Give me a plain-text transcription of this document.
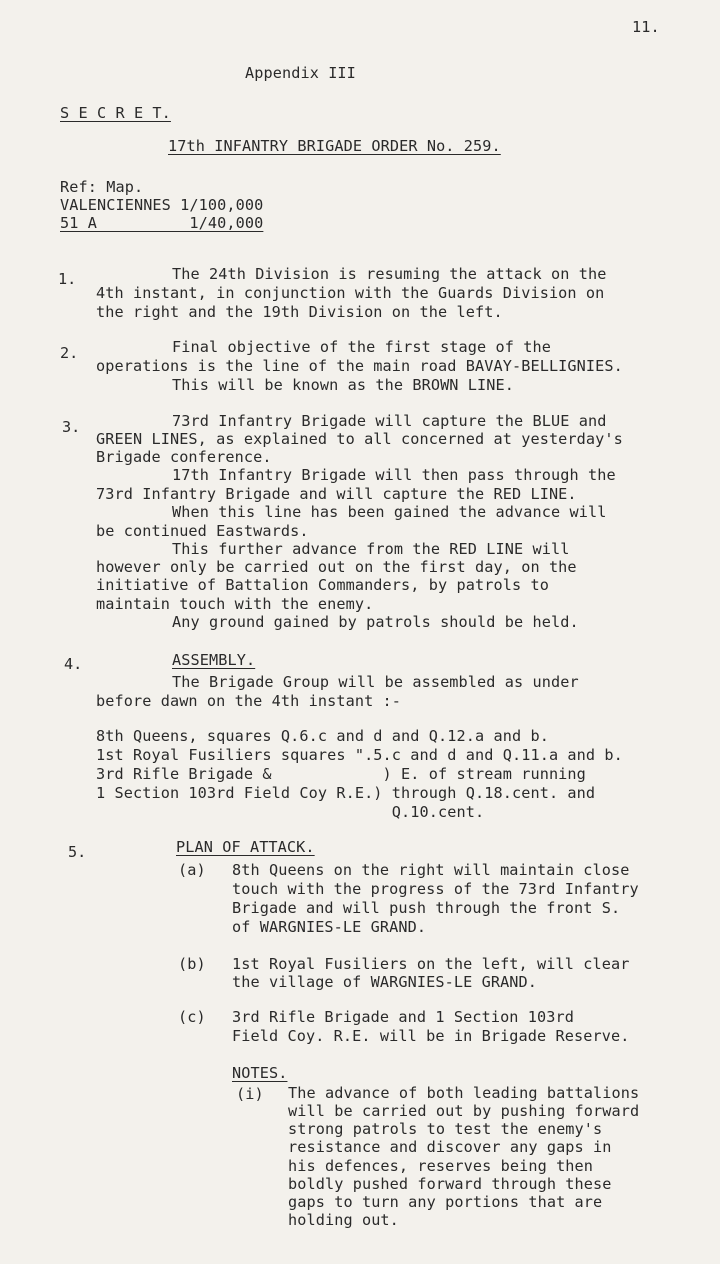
11.
Appendix III
S E C R E T.
17th INFANTRY BRIGADE ORDER No. 259.
Ref: Map.
VALENCIENNES 1/100,000
51 A          1/40,000
1.	The 24th Division is resuming the attack on the
4th instant, in conjunction with the Guards Division on
the right and the 19th Division on the left.
2.	Final objective of the first stage of the
operations is the line of the main road BAVAY-BELLIGNIES.
This will be known as the BROWN LINE.
3.	73rd Infantry Brigade will capture the BLUE and
GREEN LINES, as explained to all concerned at yesterday's
Brigade conference.
17th Infantry Brigade will then pass through the
73rd Infantry Brigade and will capture the RED LINE.
When this line has been gained the advance will
be continued Eastwards.
This further advance from the RED LINE will
however only be carried out on the first day, on the
initiative of Battalion Commanders, by patrols to
maintain touch with the enemy.
Any ground gained by patrols should be held.
4.	ASSEMBLY.
The Brigade Group will be assembled as under
before dawn on the 4th instant :-
8th Queens, squares Q.6.c and d and Q.12.a and b.
1st Royal Fusiliers squares ".5.c and d and Q.11.a and b.
3rd Rifle Brigade &            ) E. of stream running
1 Section 103rd Field Coy R.E.) through Q.18.cent. and
Q.10.cent.
5.	PLAN OF ATTACK.
(a) 8th Queens on the right will maintain close
touch with the progress of the 73rd Infantry
Brigade and will push through the front S.
of WARGNIES-LE GRAND.
(b) 1st Royal Fusiliers on the left, will clear
the village of WARGNIES-LE GRAND.
(c) 3rd Rifle Brigade and 1 Section 103rd
Field Coy. R.E. will be in Brigade Reserve.
NOTES.
(i) The advance of both leading battalions
will be carried out by pushing forward
strong patrols to test the enemy's
resistance and discover any gaps in
his defences, reserves being then
boldly pushed forward through these
gaps to turn any portions that are
holding out.
